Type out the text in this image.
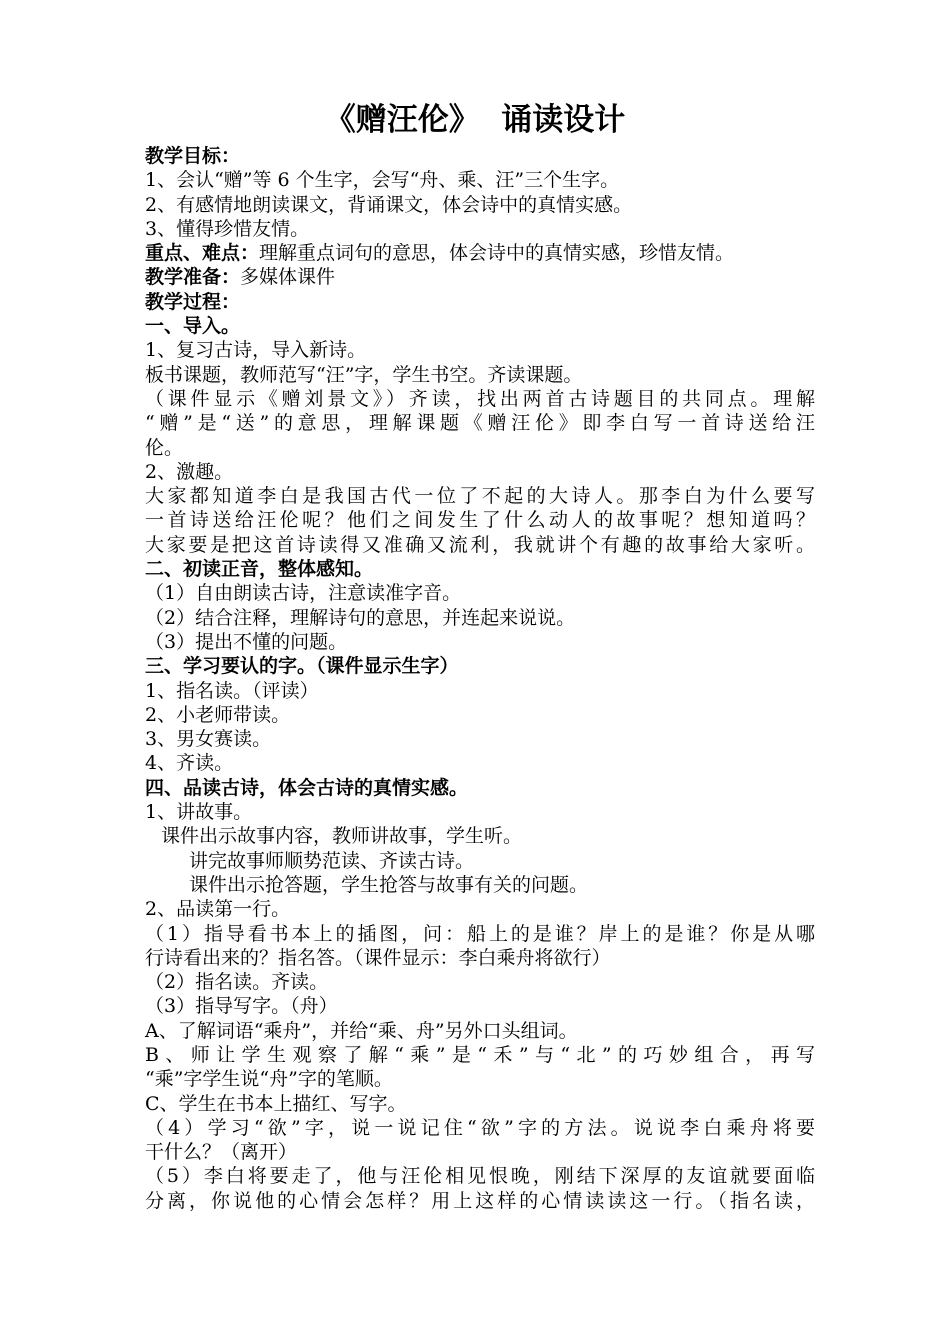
《赠汪伦》  诵读设计
教学目标：
1、会认“赠”等 6 个生字，会写“舟、乘、汪”三个生字。
2、有感情地朗读课文，背诵课文，体会诗中的真情实感。
3、懂得珍惜友情。
重点、难点：理解重点词句的意思，体会诗中的真情实感，珍惜友情。
教学准备：多媒体课件
教学过程：
一、导入。
1、复习古诗，导入新诗。
板书课题，教师范写“汪”字，学生书空。齐读课题。
（课件显示《赠刘景文》）齐读，找出两首古诗题目的共同点。理解
“赠”是“送”的意思，理解课题《赠汪伦》即李白写一首诗送给汪
伦。
2、激趣。
大家都知道李白是我国古代一位了不起的大诗人。那李白为什么要写
一首诗送给汪伦呢？他们之间发生了什么动人的故事呢？想知道吗？
大家要是把这首诗读得又准确又流利，我就讲个有趣的故事给大家听。
二、初读正音，整体感知。
（1）自由朗读古诗，注意读准字音。
（2）结合注释，理解诗句的意思，并连起来说说。
（3）提出不懂的问题。
三、学习要认的字。（课件显示生字）
1、指名读。（评读）
2、小老师带读。
3、男女赛读。
4、齐读。
四、品读古诗，体会古诗的真情实感。
1、讲故事。
课件出示故事内容，教师讲故事，学生听。
讲完故事师顺势范读、齐读古诗。
课件出示抢答题，学生抢答与故事有关的问题。
2、品读第一行。
（1）指导看书本上的插图，问：船上的是谁？岸上的是谁？你是从哪
行诗看出来的？指名答。（课件显示：李白乘舟将欲行）
（2）指名读。齐读。
（3）指导写字。（舟）
A、了解词语“乘舟”，并给“乘、舟”另外口头组词。
B、师让学生观察了解“乘”是“禾”与“北”的巧妙组合，再写
“乘”字学生说“舟”字的笔顺。
C、学生在书本上描红、写字。
（4）学习“欲”字，说一说记住“欲”字的方法。说说李白乘舟将要
干什么？（离开）
（5）李白将要走了，他与汪伦相见恨晚，刚结下深厚的友谊就要面临
分离，你说他的心情会怎样？用上这样的心情读读这一行。（指名读，
